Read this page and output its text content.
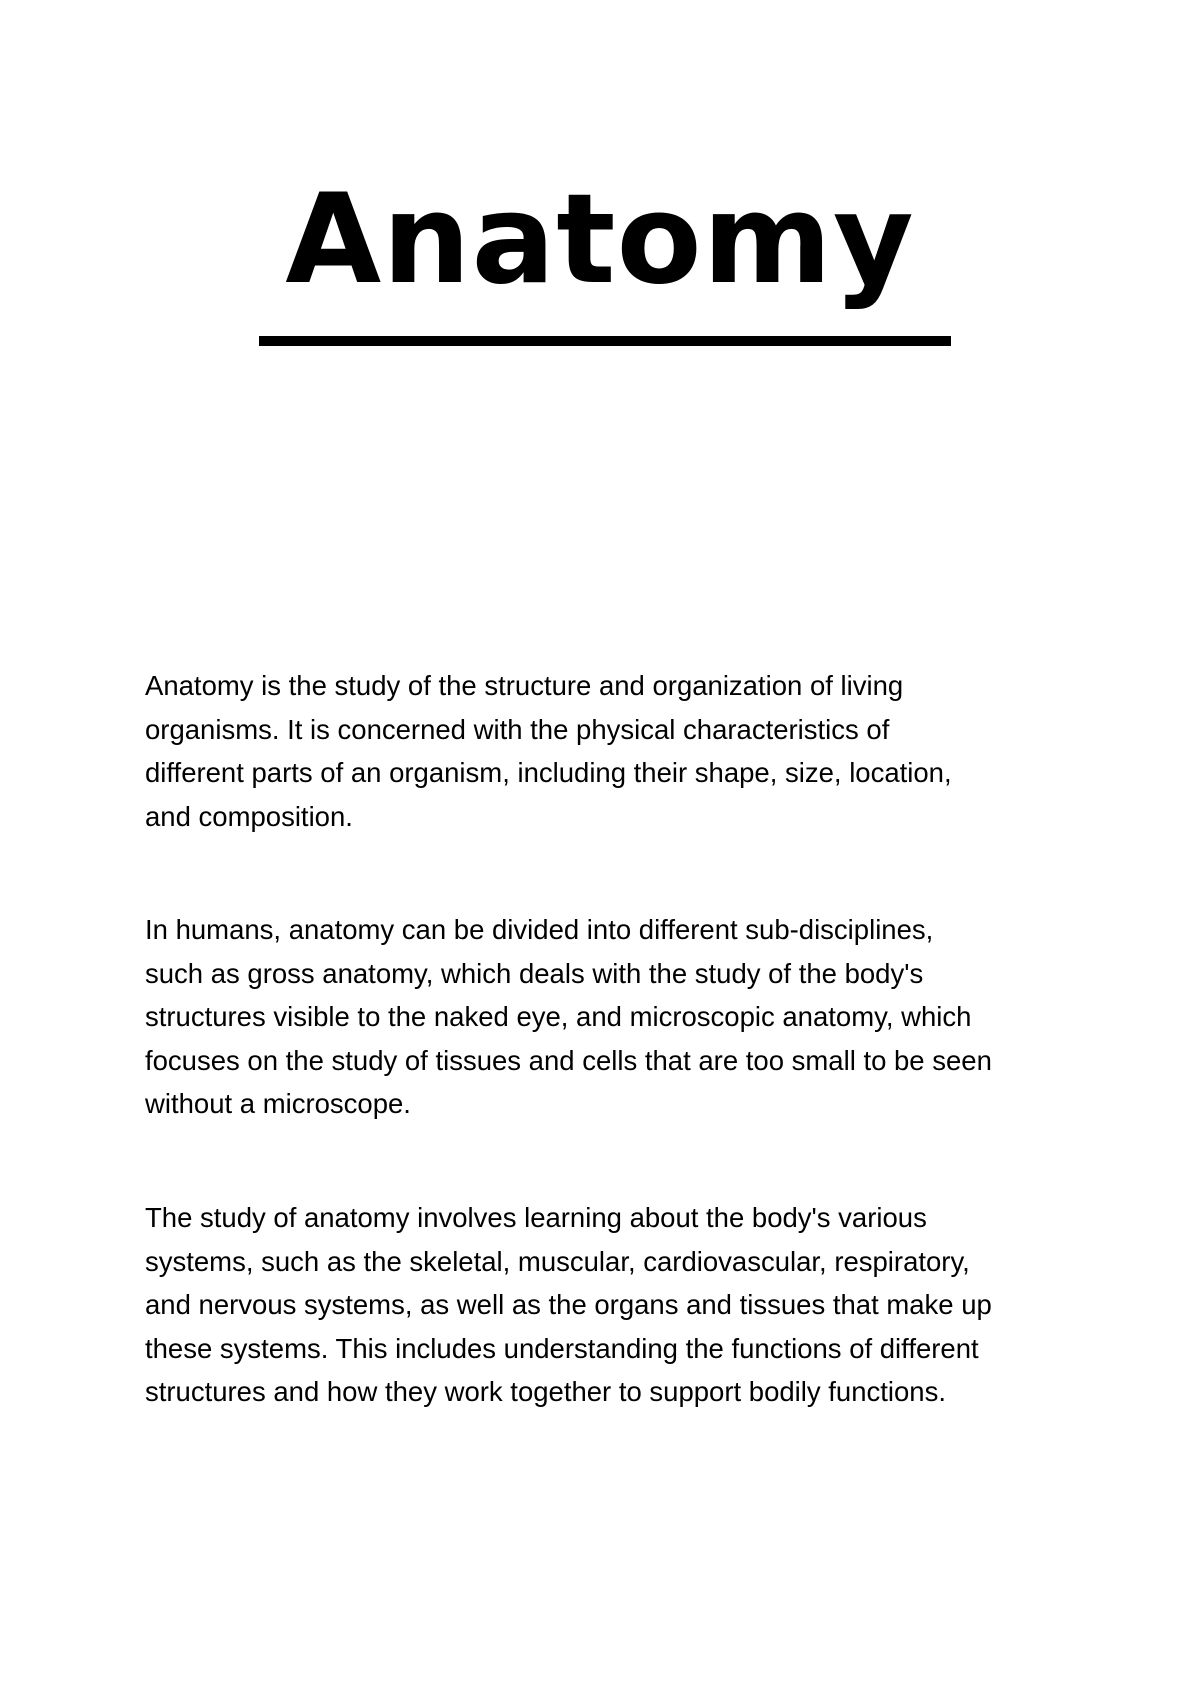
Anatomy

Anatomy is the study of the structure and organization of living
organisms. It is concerned with the physical characteristics of
different parts of an organism, including their shape, size, location,
and composition.

In humans, anatomy can be divided into different sub-disciplines,
such as gross anatomy, which deals with the study of the body's
structures visible to the naked eye, and microscopic anatomy, which
focuses on the study of tissues and cells that are too small to be seen
without a microscope.

The study of anatomy involves learning about the body's various
systems, such as the skeletal, muscular, cardiovascular, respiratory,
and nervous systems, as well as the organs and tissues that make up
these systems. This includes understanding the functions of different
structures and how they work together to support bodily functions.
